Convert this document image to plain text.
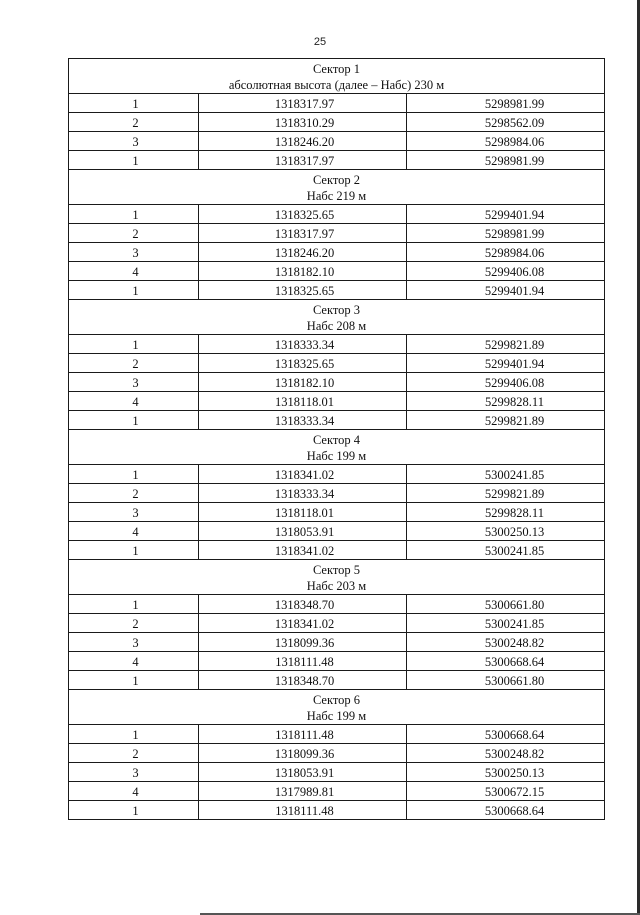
25
Сектор 1
абсолютная высота (далее – Набс) 230 м		

1	1318317.97	5298981.99
2	1318310.29	5298562.09
3	1318246.20	5298984.06
1	1318317.97	5298981.99

Сектор 2
Набс 219 м		

1	1318325.65	5299401.94
2	1318317.97	5298981.99
3	1318246.20	5298984.06
4	1318182.10	5299406.08
1	1318325.65	5299401.94

Сектор 3
Набс 208 м		

1	1318333.34	5299821.89
2	1318325.65	5299401.94
3	1318182.10	5299406.08
4	1318118.01	5299828.11
1	1318333.34	5299821.89

Сектор 4
Набс 199 м		

1	1318341.02	5300241.85
2	1318333.34	5299821.89
3	1318118.01	5299828.11
4	1318053.91	5300250.13
1	1318341.02	5300241.85

Сектор 5
Набс 203 м		

1	1318348.70	5300661.80
2	1318341.02	5300241.85
3	1318099.36	5300248.82
4	1318111.48	5300668.64
1	1318348.70	5300661.80

Сектор 6
Набс 199 м		

1	1318111.48	5300668.64
2	1318099.36	5300248.82
3	1318053.91	5300250.13
4	1317989.81	5300672.15
1	1318111.48	5300668.64
